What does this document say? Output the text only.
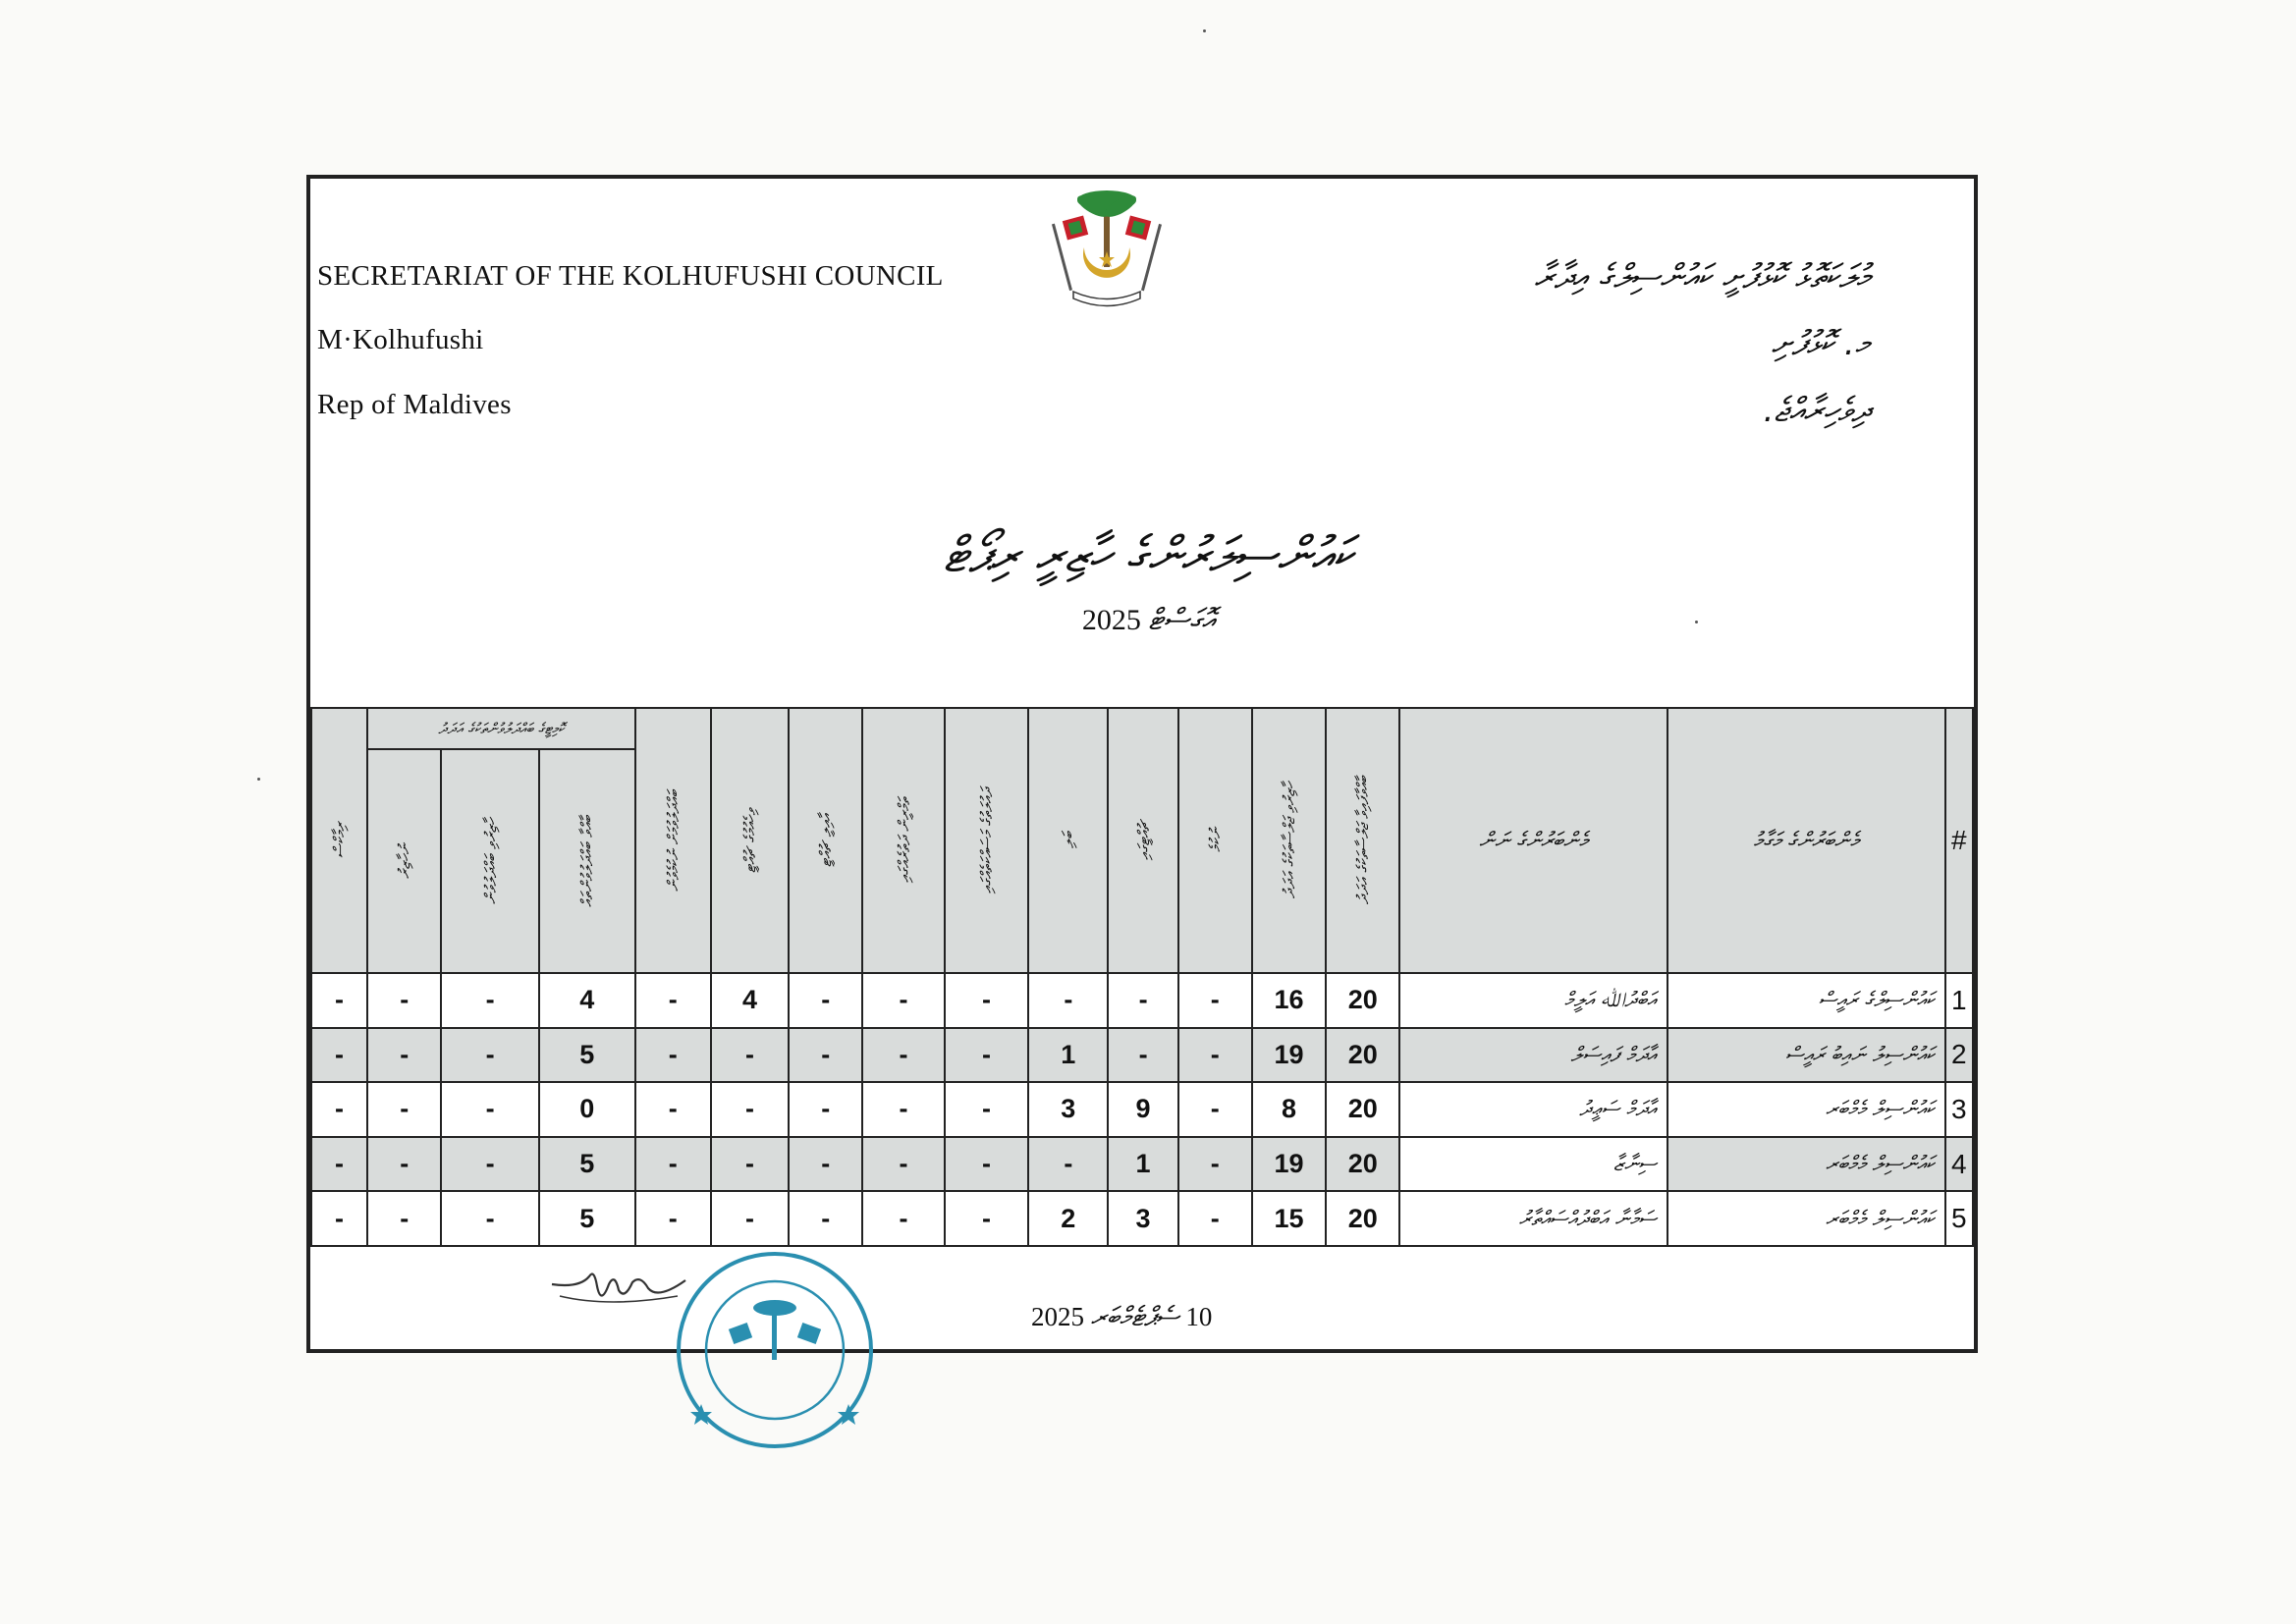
SECRETARIAT OF THE KOLHUFUSHI COUNCIL
M·Kolhufushi
Rep of Maldives
މުލަކަތޮޅު ކޮޅުފުށީ ކައުންސިލްގެ އިދާރާ
މ. ކޮޅުފުށި
ދިވެހިރާއްޖެ.
ކައުންސިލަރުންގެ ހާޒިރީ ރިޕޯޓް
2025 އޮގަސްޓް
#	މެންބަރުންގެ މަގާމު	މެންބަރުންގެ ނަން	ބާއްވާފައިވާ ޖަލްސާތަކުގެ އަދަދު	ހާޒިރުވި ޖަލްސާތަކުގެ އަދަދު	ނުކުމެ	ޗުއްޓީގައި	ބަލި	ދައުލަތުގެ މަސައްކަތެއްގައި	ތަމްރީން ދަތުރެއްގައި	އާއިލީ ޗުއްޓީ	ވިހެއުމުގެ ޗުއްޓީ	ބައްދަލުވުމަށް ނުކުމެވުން	ކޮމިޓީގެ ބައްދަލުވުންތަކުގެ އަދަދު			ރިމާކްސް

													ބާއްވާ ބައްދަލުވުންތައް	ހާޒިރުވި ބައްދަލުވުން	ނުހާޒިރު	

1	ކައުންސިލްގެ ރައީސް	އަބްދުﷲ އަލީމް	20	16	-	-	-	-	-	-	4	-	4	-	-	-
2	ކައުންސިލު ނައިބު ރައީސް	އާދަމް ފައިސަލް	20	19	-	-	1	-	-	-	-	-	5	-	-	-
3	ކައުންސިލް މެމްބަރ	އާދަމް ސަޢީދު	20	8	-	9	3	-	-	-	-	-	0	-	-	-
4	ކައުންސިލް މެމްބަރ	ސިނާޒާ	20	19	-	1	-	-	-	-	-	-	5	-	-	-
5	ކައުންސިލް މެމްބަރ	ސަމާނާ އަބްދުއްސައްތާރު	20	15	-	3	2	-	-	-	-	-	5	-	-	-
10 ސެޕްޓެމްބަރ 2025
